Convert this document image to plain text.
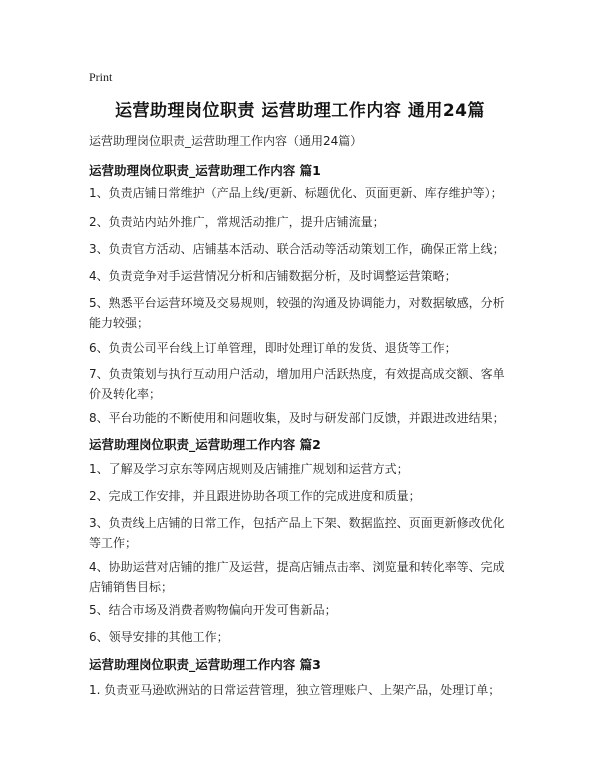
Print
运营助理岗位职责 运营助理工作内容 通用24篇
运营助理岗位职责_运营助理工作内容（通用24篇）
运营助理岗位职责_运营助理工作内容 篇1
1、负责店铺日常维护（产品上线/更新、标题优化、页面更新、库存维护等）；
2、负责站内站外推广，常规活动推广，提升店铺流量；
3、负责官方活动、店铺基本活动、联合活动等活动策划工作，确保正常上线；
4、负责竞争对手运营情况分析和店铺数据分析，及时调整运营策略；
5、熟悉平台运营环境及交易规则，较强的沟通及协调能力，对数据敏感，分析能力较强；
6、负责公司平台线上订单管理，即时处理订单的发货、退货等工作；
7、负责策划与执行互动用户活动，增加用户活跃热度，有效提高成交额、客单价及转化率；
8、平台功能的不断使用和问题收集，及时与研发部门反馈，并跟进改进结果；
运营助理岗位职责_运营助理工作内容 篇2
1、了解及学习京东等网店规则及店铺推广规划和运营方式；
2、完成工作安排，并且跟进协助各项工作的完成进度和质量；
3、负责线上店铺的日常工作，包括产品上下架、数据监控、页面更新修改优化等工作；
4、协助运营对店铺的推广及运营，提高店铺点击率、浏览量和转化率等、完成店铺销售目标；
5、结合市场及消费者购物偏向开发可售新品；
6、领导安排的其他工作；
运营助理岗位职责_运营助理工作内容 篇3
1. 负责亚马逊欧洲站的日常运营管理，独立管理账户、上架产品，处理订单；
